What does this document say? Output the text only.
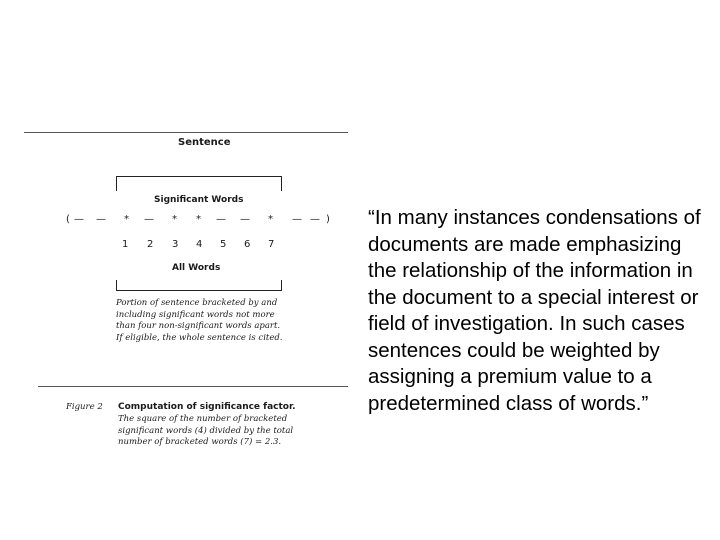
Sentence
Significant Words
( — — * — * * — — * — — )
1 2 3 4 5 6 7
All Words
Portion of sentence bracketed by and including significant words not more than four non-significant words apart. If eligible, the whole sentence is cited.
Figure 2 Computation of significance factor.
The square of the number of bracketed significant words (4) divided by the total number of bracketed words (7) = 2.3.
“In many instances condensations of documents are made emphasizing the relationship of the information in the document to a special interest or field of investigation. In such cases sentences could be weighted by assigning a premium value to a predetermined class of words.”
